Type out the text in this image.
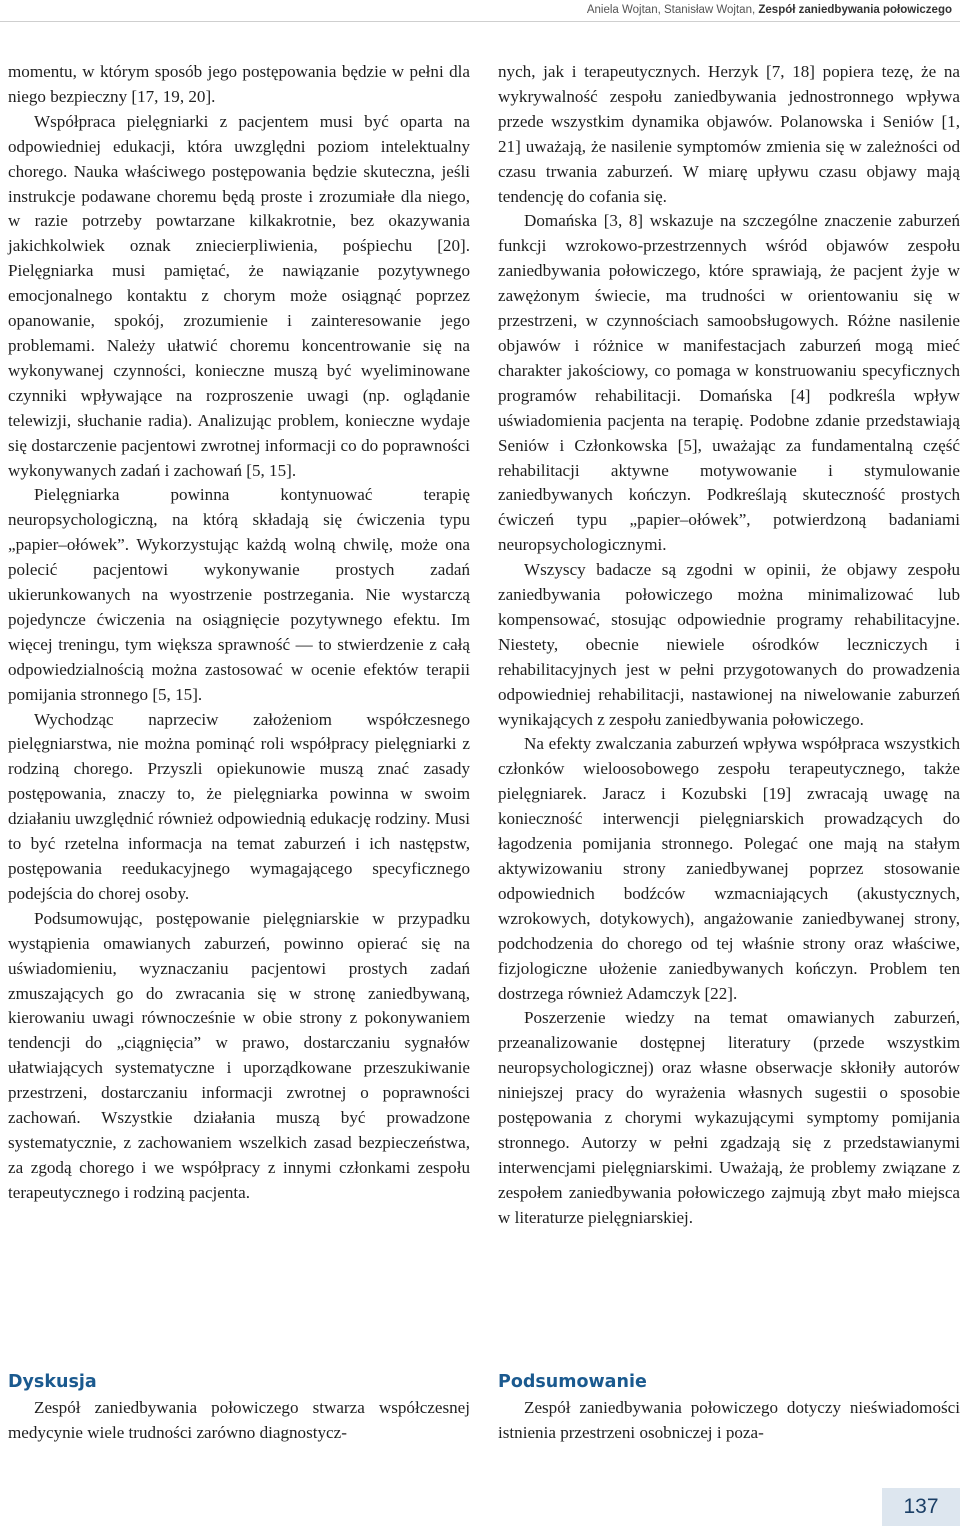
Aniela Wojtan, Stanisław Wojtan, Zespół zaniedbywania połowiczego

momentu, w którym sposób jego postępowania będzie w pełni dla niego bezpieczny [17, 19, 20].

Współpraca pielęgniarki z pacjentem musi być oparta na odpowiedniej edukacji, która uwzględni poziom intelektualny chorego. Nauka właściwego postępowania będzie skuteczna, jeśli instrukcje podawane choremu będą proste i zrozumiałe dla niego, w razie potrzeby powtarzane kilkakrotnie, bez okazywania jakichkolwiek oznak zniecierpliwienia, pośpiechu [20]. Pielęgniarka musi pamiętać, że nawiązanie pozytywnego emocjonalnego kontaktu z chorym może osiągnąć poprzez opanowanie, spokój, zrozumienie i zainteresowanie jego problemami. Należy ułatwić choremu koncentrowanie się na wykonywanej czynności, konieczne muszą być wyeliminowane czynniki wpływające na rozproszenie uwagi (np. oglądanie telewizji, słuchanie radia). Analizując problem, konieczne wydaje się dostarczenie pacjentowi zwrotnej informacji co do poprawności wykonywanych zadań i zachowań [5, 15].

Pielęgniarka powinna kontynuować terapię neuropsychologiczną, na którą składają się ćwiczenia typu „papier–ołówek”. Wykorzystując każdą wolną chwilę, może ona polecić pacjentowi wykonywanie prostych zadań ukierunkowanych na wyostrzenie postrzegania. Nie wystarczą pojedyncze ćwiczenia na osiągnięcie pozytywnego efektu. Im więcej treningu, tym większa sprawność — to stwierdzenie z całą odpowiedzialnością można zastosować w ocenie efektów terapii pomijania stronnego [5, 15].

Wychodząc naprzeciw założeniom współczesnego pielęgniarstwa, nie można pominąć roli współpracy pielęgniarki z rodziną chorego. Przyszli opiekunowie muszą znać zasady postępowania, znaczy to, że pielęgniarka powinna w swoim działaniu uwzględnić również odpowiednią edukację rodziny. Musi to być rzetelna informacja na temat zaburzeń i ich następstw, postępowania reedukacyjnego wymagającego specyficznego podejścia do chorej osoby.

Podsumowując, postępowanie pielęgniarskie w przypadku wystąpienia omawianych zaburzeń, powinno opierać się na uświadomieniu, wyznaczaniu pacjentowi prostych zadań zmuszających go do zwracania się w stronę zaniedbywaną, kierowaniu uwagi równocześnie w obie strony z pokonywaniem tendencji do „ciągnięcia” w prawo, dostarczaniu sygnałów ułatwiających systematyczne i uporządkowane przeszukiwanie przestrzeni, dostarczaniu informacji zwrotnej o poprawności zachowań. Wszystkie działania muszą być prowadzone systematycznie, z zachowaniem wszelkich zasad bezpieczeństwa, za zgodą chorego i we współpracy z innymi członkami zespołu terapeutycznego i rodziną pacjenta.

nych, jak i terapeutycznych. Herzyk [7, 18] popiera tezę, że na wykrywalność zespołu zaniedbywania jednostronnego wpływa przede wszystkim dynamika objawów. Polanowska i Seniów [1, 21] uważają, że nasilenie symptomów zmienia się w zależności od czasu trwania zaburzeń. W miarę upływu czasu objawy mają tendencję do cofania się.

Domańska [3, 8] wskazuje na szczególne znaczenie zaburzeń funkcji wzrokowo-przestrzennych wśród objawów zespołu zaniedbywania połowiczego, które sprawiają, że pacjent żyje w zawężonym świecie, ma trudności w orientowaniu się w przestrzeni, w czynnościach samoobsługowych. Różne nasilenie objawów i różnice w manifestacjach zaburzeń mogą mieć charakter jakościowy, co pomaga w konstruowaniu specyficznych programów rehabilitacji. Domańska [4] podkreśla wpływ uświadomienia pacjenta na terapię. Podobne zdanie przedstawiają Seniów i Członkowska [5], uważając za fundamentalną część rehabilitacji aktywne motywowanie i stymulowanie zaniedbywanych kończyn. Podkreślają skuteczność prostych ćwiczeń typu „papier–ołówek”, potwierdzoną badaniami neuropsychologicznymi.

Wszyscy badacze są zgodni w opinii, że objawy zespołu zaniedbywania połowiczego można minimalizować lub kompensować, stosując odpowiednie programy rehabilitacyjne. Niestety, obecnie niewiele ośrodków leczniczych i rehabilitacyjnych jest w pełni przygotowanych do prowadzenia odpowiedniej rehabilitacji, nastawionej na niwelowanie zaburzeń wynikających z zespołu zaniedbywania połowiczego.

Na efekty zwalczania zaburzeń wpływa współpraca wszystkich członków wieloosobowego zespołu terapeutycznego, także pielęgniarek. Jaracz i Kozubski [19] zwracają uwagę na konieczność interwencji pielęgniarskich prowadzących do łagodzenia pomijania stronnego. Polegać one mają na stałym aktywizowaniu strony zaniedbywanej poprzez stosowanie odpowiednich bodźców wzmacniających (akustycznych, wzrokowych, dotykowych), angażowanie zaniedbywanej strony, podchodzenia do chorego od tej właśnie strony oraz właściwe, fizjologiczne ułożenie zaniedbywanych kończyn. Problem ten dostrzega również Adamczyk [22].

Poszerzenie wiedzy na temat omawianych zaburzeń, przeanalizowanie dostępnej literatury (przede wszystkim neuropsychologicznej) oraz własne obserwacje skłoniły autorów niniejszej pracy do wyrażenia własnych sugestii o sposobie postępowania z chorymi wykazującymi symptomy pomijania stronnego. Autorzy w pełni zgadzają się z przedstawianymi interwencjami pielęgniarskimi. Uważają, że problemy związane z zespołem zaniedbywania połowiczego zajmują zbyt mało miejsca w literaturze pielęgniarskiej.

Dyskusja

Zespół zaniedbywania połowiczego stwarza współczesnej medycynie wiele trudności zarówno diagnostycz-

Podsumowanie

Zespół zaniedbywania połowiczego dotyczy nieświadomości istnienia przestrzeni osobniczej i poza-

137
